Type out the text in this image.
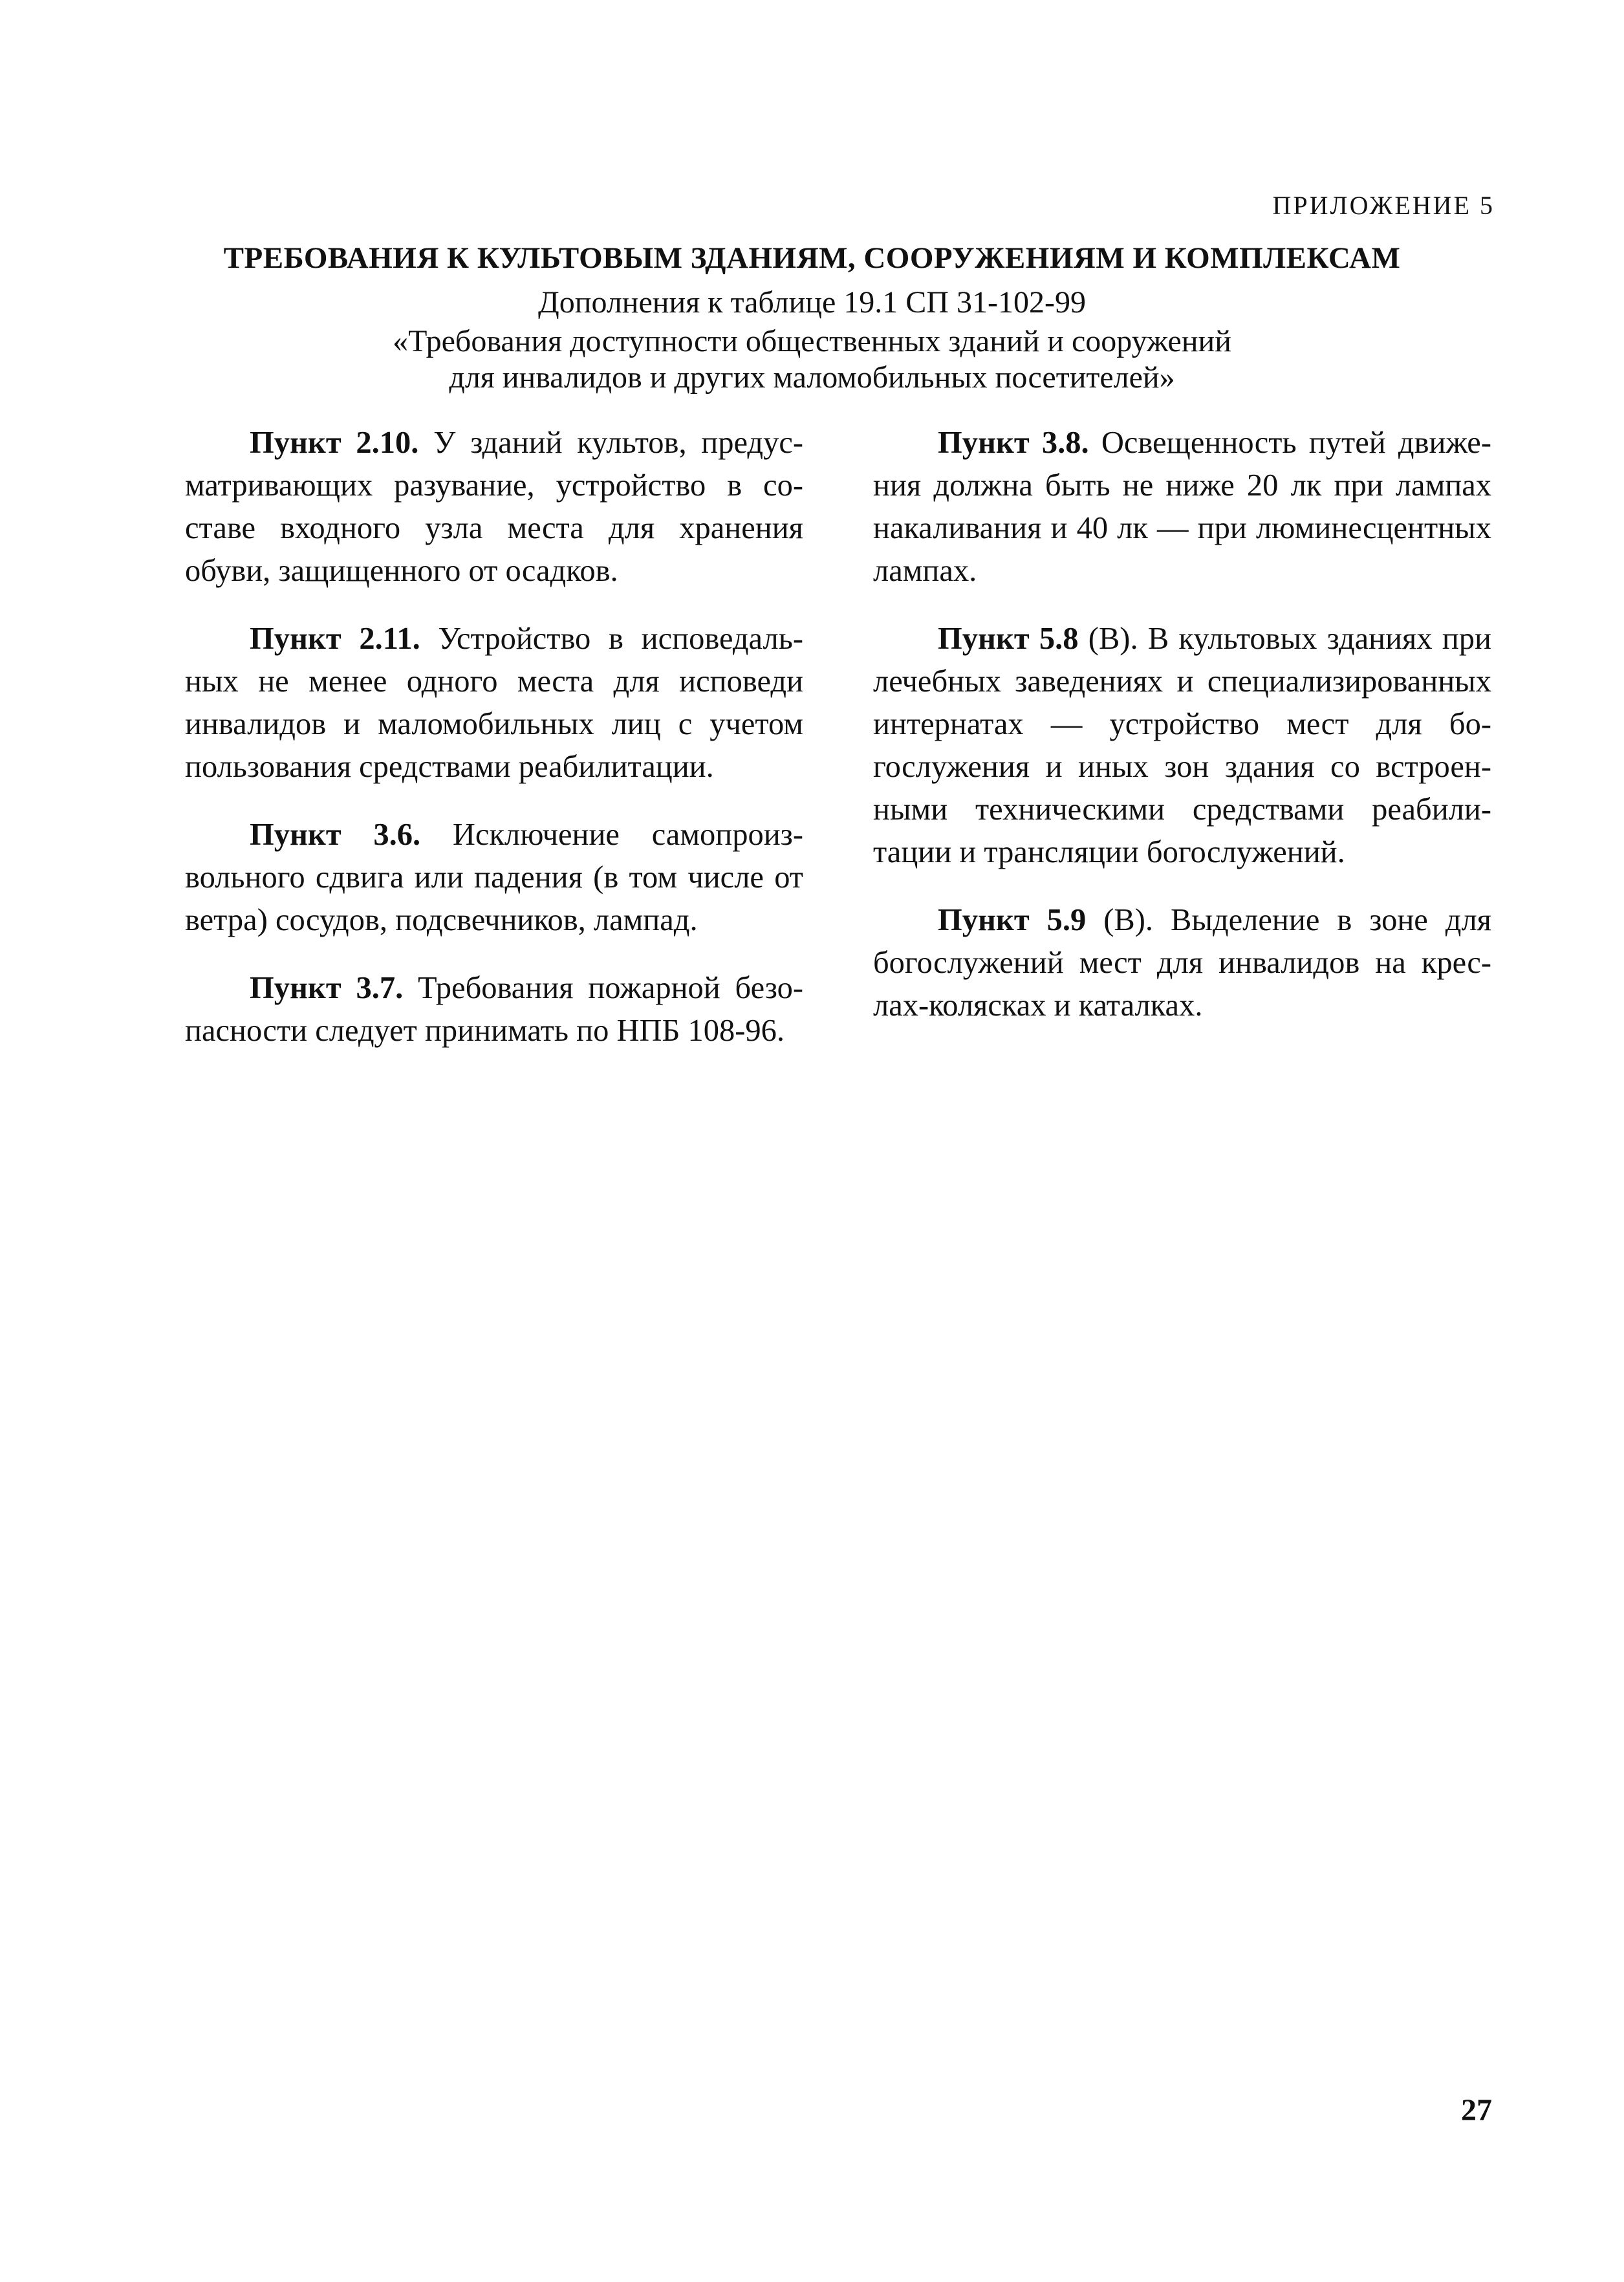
ПРИЛОЖЕНИЕ 5
ТРЕБОВАНИЯ К КУЛЬТОВЫМ ЗДАНИЯМ, СООРУЖЕНИЯМ И КОМПЛЕКСАМ
Дополнения к таблице 19.1 СП 31-102-99
«Требования доступности общественных зданий и сооружений
для инвалидов и других маломобильных посетителей»

Пункт 2.10. У зданий культов, предусматривающих разувание, устройство в составе входного узла места для хранения обуви, защищенного от осадков.

Пункт 2.11. Устройство в исповедальных не менее одного места для исповеди инвалидов и маломобильных лиц с учетом пользования средствами реабилитации.

Пункт 3.6. Исключение самопроизвольного сдвига или падения (в том числе от ветра) сосудов, подсвечников, лампад.

Пункт 3.7. Требования пожарной безопасности следует принимать по НПБ 108-96.

Пункт 3.8. Освещенность путей движения должна быть не ниже 20 лк при лампах накаливания и 40 лк — при люминесцентных лампах.

Пункт 5.8 (В). В культовых зданиях при лечебных заведениях и специализированных интернатах — устройство мест для богослужения и иных зон здания со встроенными техническими средствами реабилитации и трансляции богослужений.

Пункт 5.9 (В). Выделение в зоне для богослужений мест для инвалидов на креслах-колясках и каталках.

27
